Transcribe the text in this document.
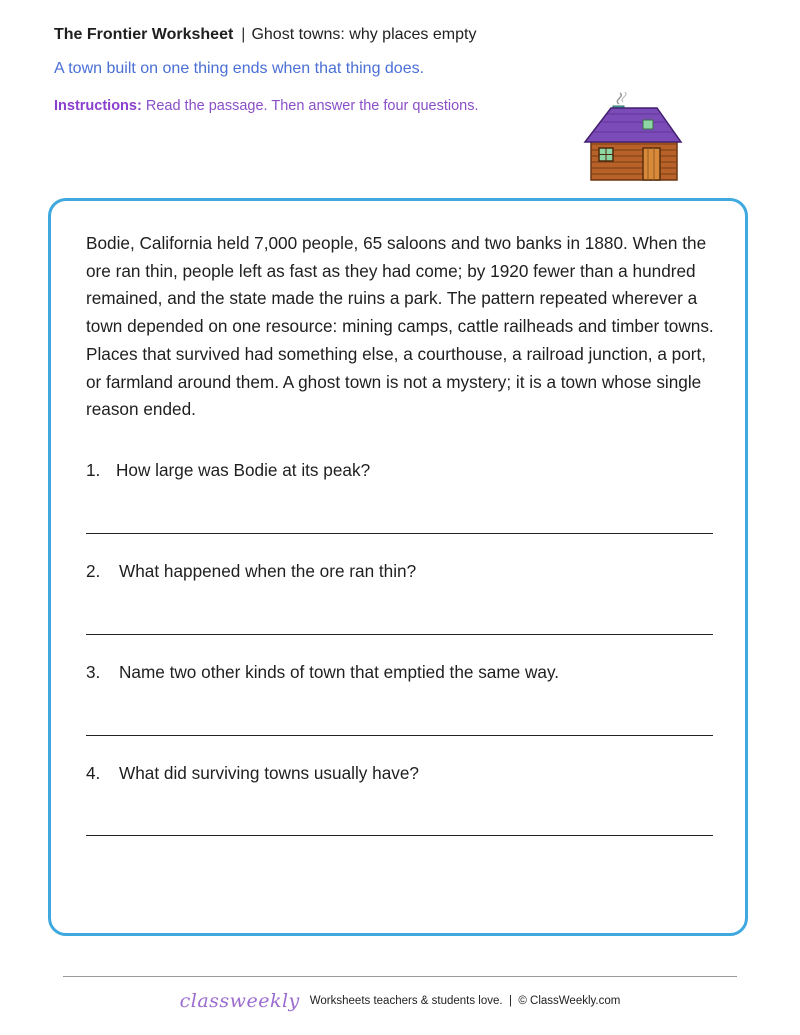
The Frontier Worksheet | Ghost towns: why places empty
A town built on one thing ends when that thing does.
Instructions: Read the passage. Then answer the four questions.
Bodie, California held 7,000 people, 65 saloons and two banks in 1880. When the ore ran thin, people left as fast as they had come; by 1920 fewer than a hundred remained, and the state made the ruins a park. The pattern repeated wherever a town depended on one resource: mining camps, cattle railheads and timber towns. Places that survived had something else, a courthouse, a railroad junction, a port, or farmland around them. A ghost town is not a mystery; it is a town whose single reason ended.
1. How large was Bodie at its peak?
2. What happened when the ore ran thin?
3. Name two other kinds of town that emptied the same way.
4. What did surviving towns usually have?
classweekly Worksheets teachers & students love.  |  © ClassWeekly.com
